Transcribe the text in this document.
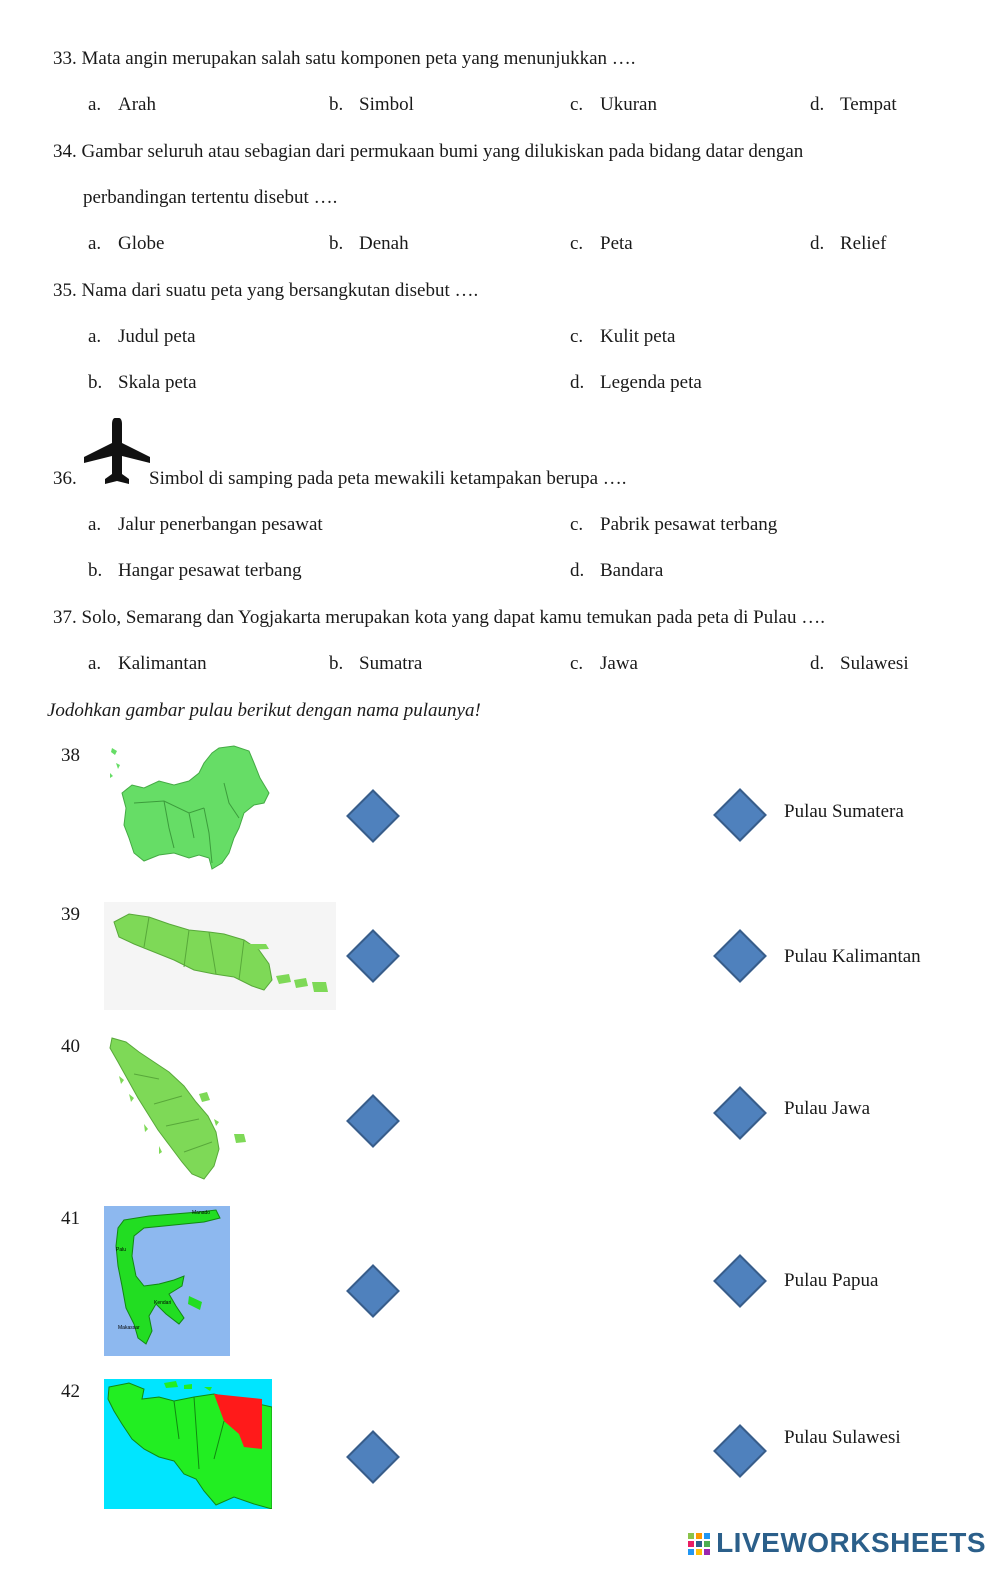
33. Mata angin merupakan salah satu komponen peta yang menunjukkan ….
a. Arah	b. Simbol	c. Ukuran	d. Tempat
34. Gambar seluruh atau sebagian dari permukaan bumi yang dilukiskan pada bidang datar dengan
perbandingan tertentu disebut ….
a. Globe	b. Denah	c. Peta	d. Relief
35. Nama dari suatu peta yang bersangkutan disebut ….
a. Judul peta	c. Kulit peta
b. Skala peta	d. Legenda peta
36.	Simbol di samping pada peta mewakili ketampakan berupa ….
a. Jalur penerbangan pesawat	c. Pabrik pesawat terbang
b. Hangar pesawat terbang	d. Bandara
37. Solo, Semarang dan Yogjakarta merupakan kota yang dapat kamu temukan pada peta di Pulau ….
a. Kalimantan	b. Sumatra	c. Jawa	d. Sulawesi
Jodohkan gambar pulau berikut dengan nama pulaunya!
38
39
40
41
42
Manado
Palu
Kendari
Makassar
Pulau Sumatera
Pulau Kalimantan
Pulau Jawa
Pulau Papua
Pulau Sulawesi
LIVEWORKSHEETS
